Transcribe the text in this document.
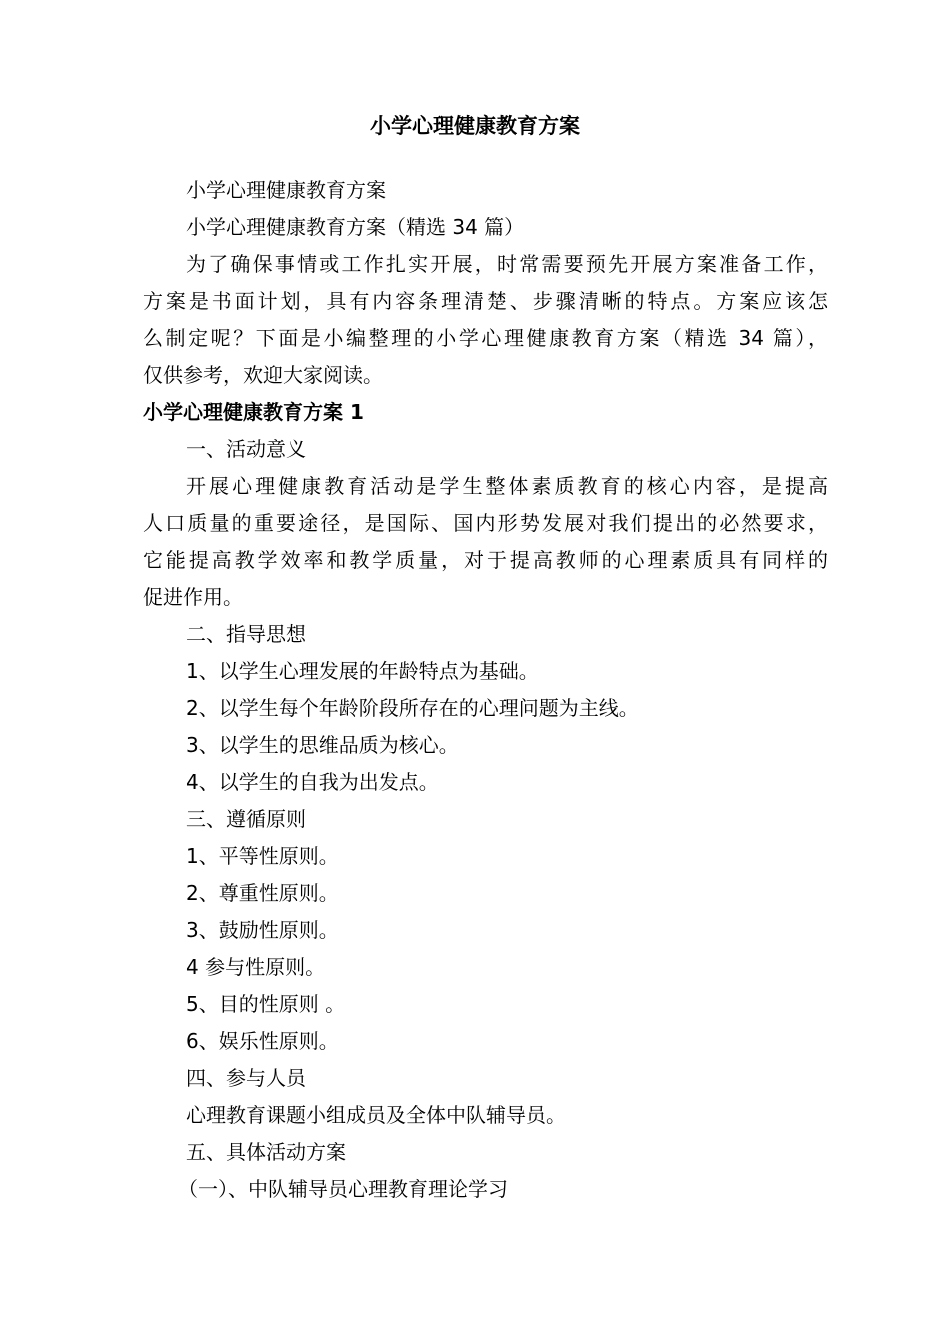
小学心理健康教育方案

小学心理健康教育方案

小学心理健康教育方案（精选 34 篇）

为了确保事情或工作扎实开展，时常需要预先开展方案准备工作，

方案是书面计划，具有内容条理清楚、步骤清晰的特点。方案应该怎

么制定呢？下面是小编整理的小学心理健康教育方案（精选 34 篇），

仅供参考，欢迎大家阅读。

小学心理健康教育方案 1

一、活动意义

开展心理健康教育活动是学生整体素质教育的核心内容，是提高

人口质量的重要途径，是国际、国内形势发展对我们提出的必然要求，

它能提高教学效率和教学质量，对于提高教师的心理素质具有同样的

促进作用。

二、指导思想

1、以学生心理发展的年龄特点为基础。

2、以学生每个年龄阶段所存在的心理问题为主线。

3、以学生的思维品质为核心。

4、以学生的自我为出发点。

三、遵循原则

1、平等性原则。

2、尊重性原则。

3、鼓励性原则。

4 参与性原则。

5、目的性原则 。

6、娱乐性原则。

四、参与人员

心理教育课题小组成员及全体中队辅导员。

五、具体活动方案

（一）、中队辅导员心理教育理论学习
